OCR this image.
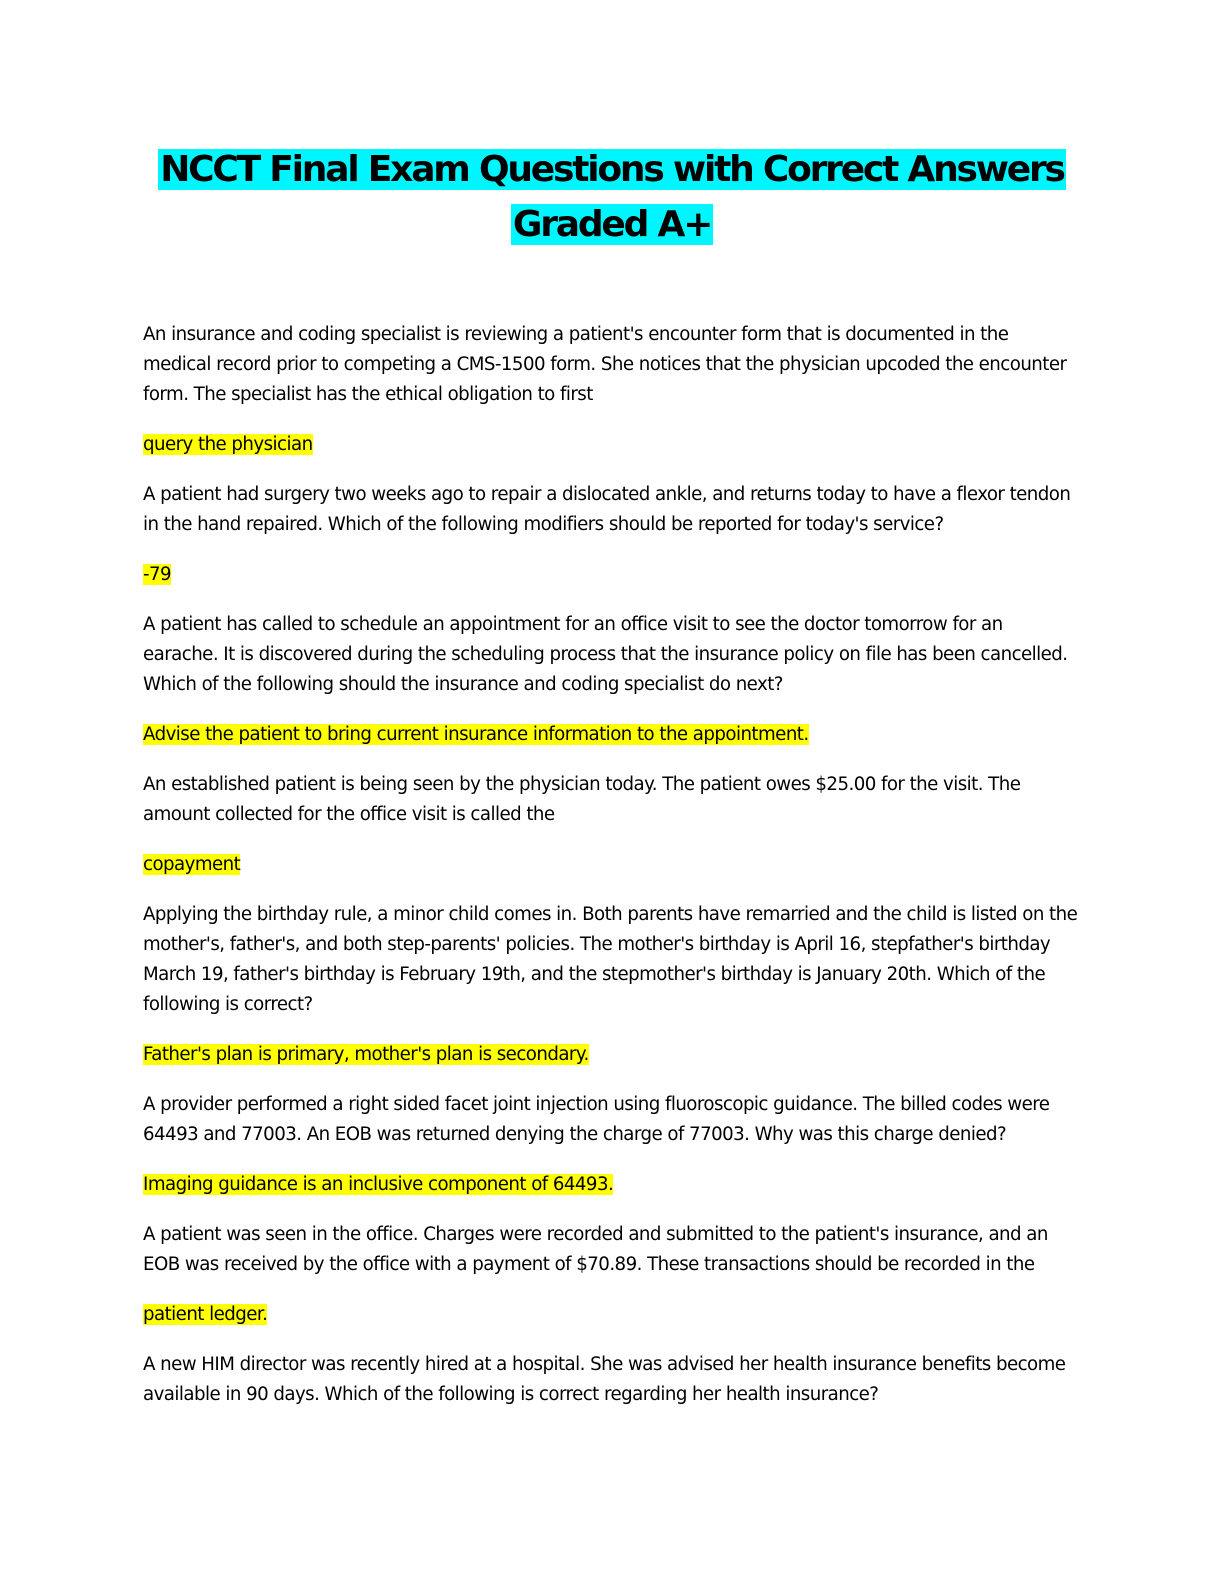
NCCT Final Exam Questions with Correct Answers Graded A+

An insurance and coding specialist is reviewing a patient's encounter form that is documented in the medical record prior to competing a CMS-1500 form. She notices that the physician upcoded the encounter form. The specialist has the ethical obligation to first

query the physician

A patient had surgery two weeks ago to repair a dislocated ankle, and returns today to have a flexor tendon in the hand repaired. Which of the following modifiers should be reported for today's service?

-79

A patient has called to schedule an appointment for an office visit to see the doctor tomorrow for an earache. It is discovered during the scheduling process that the insurance policy on file has been cancelled. Which of the following should the insurance and coding specialist do next?

Advise the patient to bring current insurance information to the appointment.

An established patient is being seen by the physician today. The patient owes $25.00 for the visit. The amount collected for the office visit is called the

copayment

Applying the birthday rule, a minor child comes in. Both parents have remarried and the child is listed on the mother's, father's, and both step-parents' policies. The mother's birthday is April 16, stepfather's birthday March 19, father's birthday is February 19th, and the stepmother's birthday is January 20th. Which of the following is correct?

Father's plan is primary, mother's plan is secondary.

A provider performed a right sided facet joint injection using fluoroscopic guidance. The billed codes were 64493 and 77003. An EOB was returned denying the charge of 77003. Why was this charge denied?

Imaging guidance is an inclusive component of 64493.

A patient was seen in the office. Charges were recorded and submitted to the patient's insurance, and an EOB was received by the office with a payment of $70.89. These transactions should be recorded in the

patient ledger.

A new HIM director was recently hired at a hospital. She was advised her health insurance benefits become available in 90 days. Which of the following is correct regarding her health insurance?
